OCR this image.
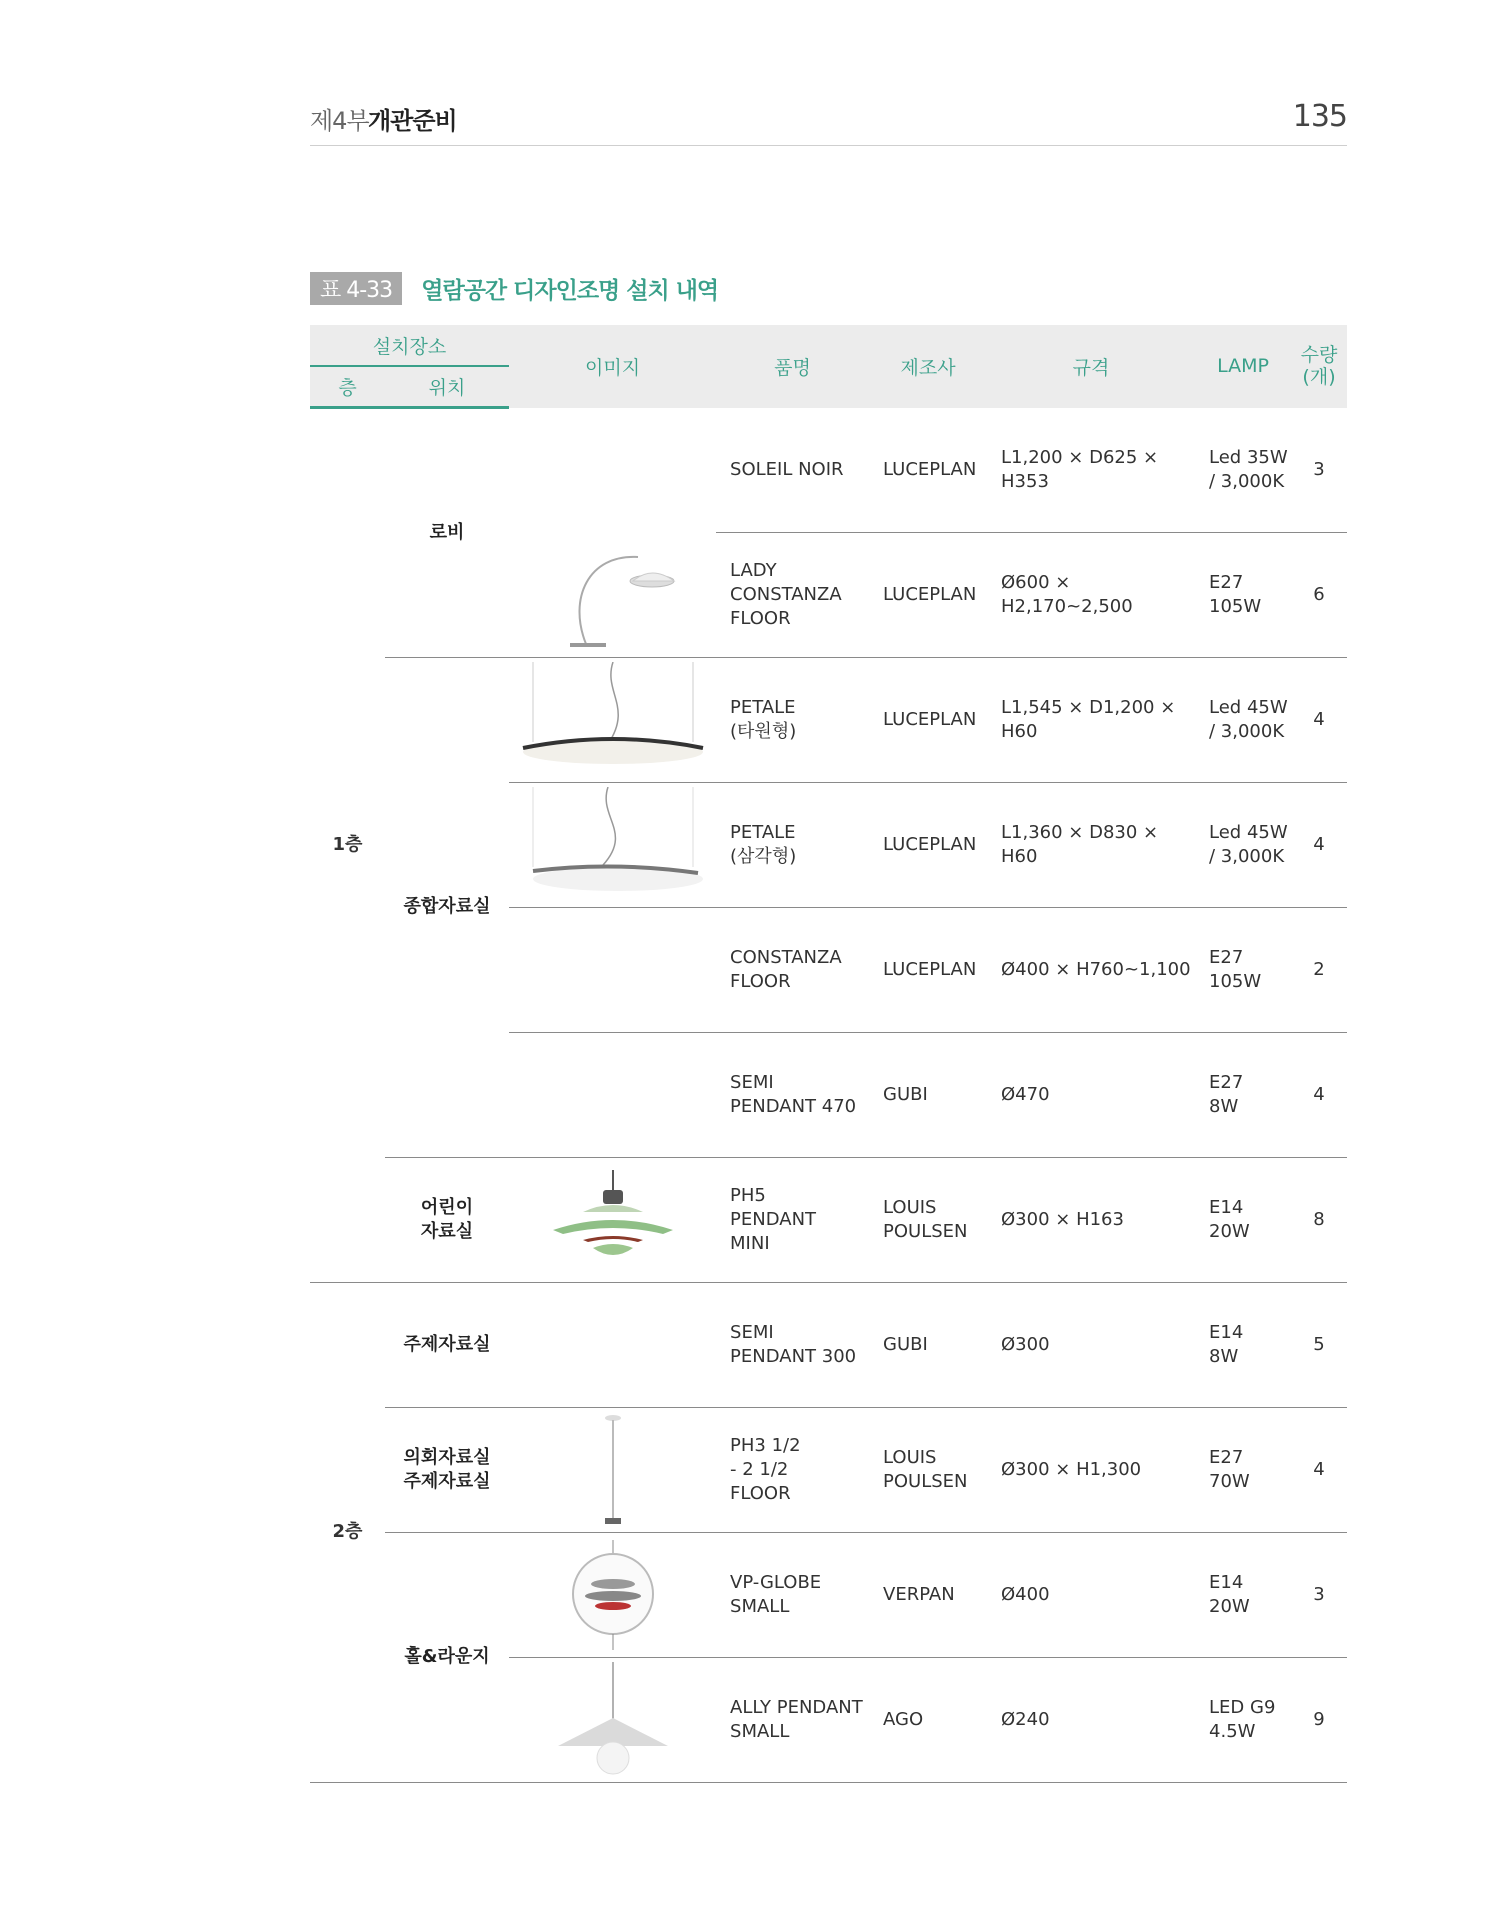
제4부 개관준비	135
표 4-33 열람공간 디자인조명 설치 내역
설치장소		이미지	품명	제조사	규격	LAMP	수량
(개)
층	위치						
1층	로비		SOLEIL NOIR	LUCEPLAN	L1,200 × D625 × H353	Led 35W
/ 3,000K	3

	LADY
CONSTANZA
FLOOR	LUCEPLAN	Ø600 × H2,170~2,500	E27
105W	6
	종합자료실		PETALE
(타원형)	LUCEPLAN	L1,545 × D1,200 × H60	Led 45W
/ 3,000K	4

	PETALE
(삼각형)	LUCEPLAN	L1,360 × D830 × H60	Led 45W
/ 3,000K	4
			CONSTANZA
FLOOR	LUCEPLAN	Ø400 × H760~1,100	E27
105W	2
			SEMI
PENDANT 470	GUBI	Ø470	E27
8W	4
	어린이
자료실		PH5
PENDANT
MINI	LOUIS
POULSEN	Ø300 × H163	E14
20W	8
2층	주제자료실		SEMI
PENDANT 300	GUBI	Ø300	E14
8W	5
	의회자료실
주제자료실		PH3 1/2
- 2 1/2
FLOOR	LOUIS
POULSEN	Ø300 × H1,300	E27
70W	4
	홀&라운지		VP-GLOBE
SMALL	VERPAN	Ø400	E14
20W	3

	ALLY PENDANT
SMALL	AGO	Ø240	LED G9
4.5W	9
